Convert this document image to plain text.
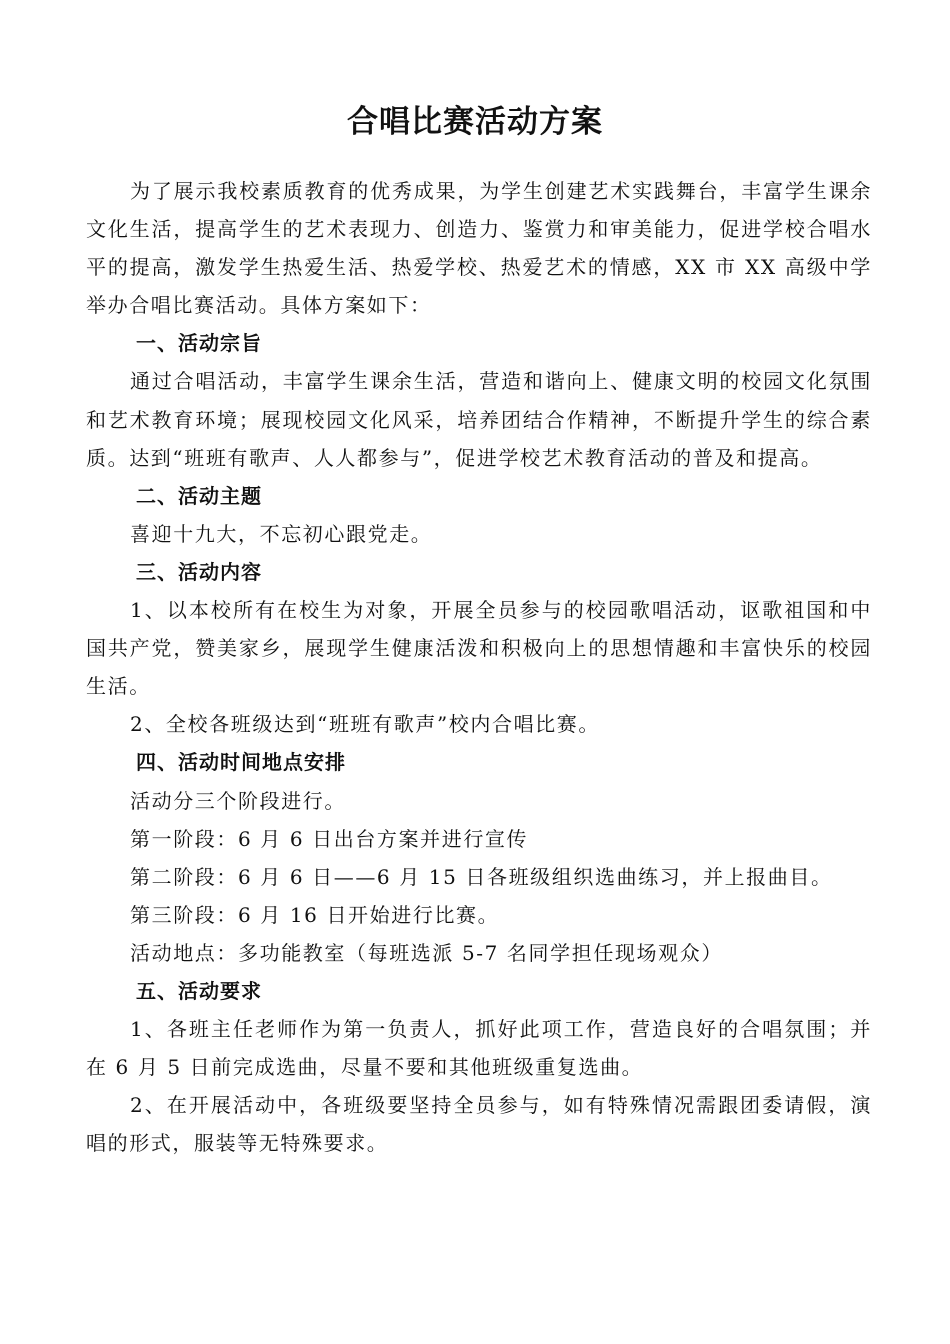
合唱比赛活动方案

为了展示我校素质教育的优秀成果，为学生创建艺术实践舞台，丰富学生课余文化生活，提高学生的艺术表现力、创造力、鉴赏力和审美能力，促进学校合唱水平的提高，激发学生热爱生活、热爱学校、热爱艺术的情感，XX 市 XX 高级中学举办合唱比赛活动。具体方案如下：

一、活动宗旨

通过合唱活动，丰富学生课余生活，营造和谐向上、健康文明的校园文化氛围和艺术教育环境；展现校园文化风采，培养团结合作精神，不断提升学生的综合素质。达到“班班有歌声、人人都参与”，促进学校艺术教育活动的普及和提高。

二、活动主题

喜迎十九大，不忘初心跟党走。

三、活动内容

1、以本校所有在校生为对象，开展全员参与的校园歌唱活动，讴歌祖国和中国共产党，赞美家乡，展现学生健康活泼和积极向上的思想情趣和丰富快乐的校园生活。

2、全校各班级达到“班班有歌声”校内合唱比赛。

四、活动时间地点安排

活动分三个阶段进行。

第一阶段：6 月 6 日出台方案并进行宣传

第二阶段：6 月 6 日——6 月 15 日各班级组织选曲练习，并上报曲目。

第三阶段：6 月 16 日开始进行比赛。

活动地点：多功能教室（每班选派 5-7 名同学担任现场观众）

五、活动要求

1、各班主任老师作为第一负责人，抓好此项工作，营造良好的合唱氛围；并在 6 月 5 日前完成选曲，尽量不要和其他班级重复选曲。

2、在开展活动中，各班级要坚持全员参与，如有特殊情况需跟团委请假，演唱的形式，服装等无特殊要求。
